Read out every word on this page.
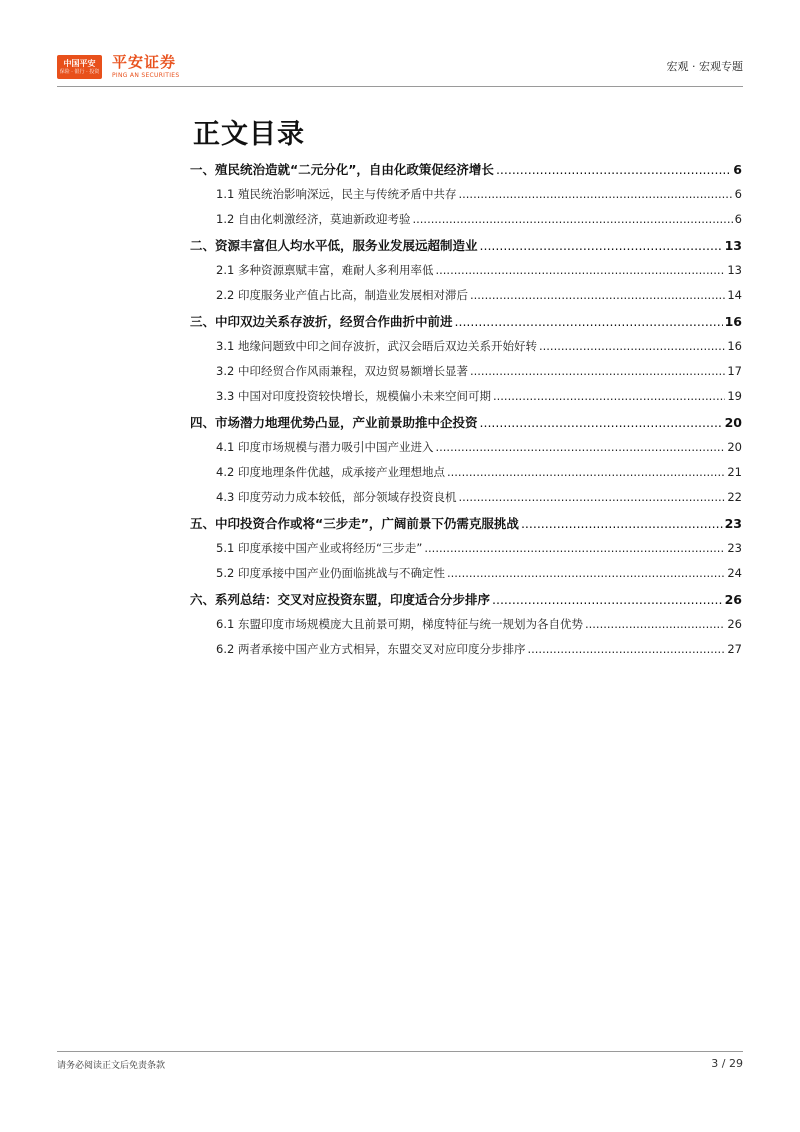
中国平安
保险 · 银行 · 投资
平安证券
PING AN SECURITIES
宏观 · 宏观专题
正文目录
一、殖民统治造就“二元分化”，自由化政策促经济增长 .....	6
1.1 殖民统治影响深远，民主与传统矛盾中共存 .....	6
1.2 自由化刺激经济，莫迪新政迎考验 .....	6
二、资源丰富但人均水平低，服务业发展远超制造业 .....	13
2.1 多种资源禀赋丰富，难耐人多利用率低 .....	13
2.2 印度服务业产值占比高，制造业发展相对滞后 .....	14
三、中印双边关系存波折，经贸合作曲折中前进 .....	16
3.1 地缘问题致中印之间存波折，武汉会晤后双边关系开始好转 .....	16
3.2 中印经贸合作风雨兼程，双边贸易额增长显著 .....	17
3.3 中国对印度投资较快增长，规模偏小未来空间可期 .....	19
四、市场潜力地理优势凸显，产业前景助推中企投资 .....	20
4.1 印度市场规模与潜力吸引中国产业进入 .....	20
4.2 印度地理条件优越，成承接产业理想地点 .....	21
4.3 印度劳动力成本较低，部分领域存投资良机 .....	22
五、中印投资合作或将“三步走”，广阔前景下仍需克服挑战 .....	23
5.1 印度承接中国产业或将经历“三步走” .....	23
5.2 印度承接中国产业仍面临挑战与不确定性 .....	24
六、系列总结：交叉对应投资东盟，印度适合分步排序 .....	26
6.1 东盟印度市场规模庞大且前景可期，梯度特征与统一规划为各自优势 .....	26
6.2 两者承接中国产业方式相异，东盟交叉对应印度分步排序 .....	27
请务必阅读正文后免责条款	3 / 29
